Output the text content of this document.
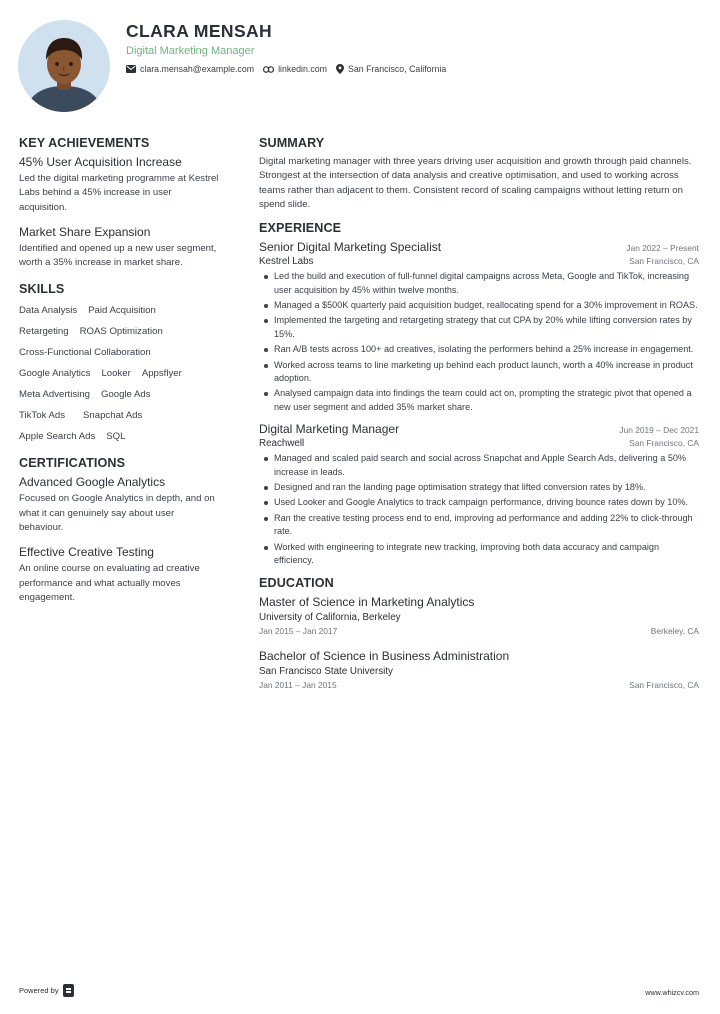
CLARA MENSAH
Digital Marketing Manager
clara.mensah@example.com	linkedin.com San Francisco, California
KEY ACHIEVEMENTS
45% User Acquisition Increase
Led the digital marketing programme at Kestrel Labs behind a 45% increase in user acquisition.
Market Share Expansion
Identified and opened up a new user segment, worth a 35% increase in market share.
SKILLS
Data Analysis Paid Acquisition
Retargeting ROAS Optimization
Cross-Functional Collaboration
Google Analytics Looker Appsflyer
Meta Advertising Google Ads
TikTok Ads Snapchat Ads
Apple Search Ads SQL
CERTIFICATIONS
Advanced Google Analytics
Focused on Google Analytics in depth, and on what it can genuinely say about user behaviour.
Effective Creative Testing
An online course on evaluating ad creative performance and what actually moves engagement.
SUMMARY
Digital marketing manager with three years driving user acquisition and growth through paid channels. Strongest at the intersection of data analysis and creative optimisation, and used to working across teams rather than adjacent to them. Consistent record of scaling campaigns without letting return on spend slide.
EXPERIENCE
Senior Digital Marketing Specialist	Jan 2022 – Present
Kestrel Labs	San Francisco, CA
Led the build and execution of full-funnel digital campaigns across Meta, Google and TikTok, increasing user acquisition by 45% within twelve months.
Managed a $500K quarterly paid acquisition budget, reallocating spend for a 30% improvement in ROAS.
Implemented the targeting and retargeting strategy that cut CPA by 20% while lifting conversion rates by 15%.
Ran A/B tests across 100+ ad creatives, isolating the performers behind a 25% increase in engagement.
Worked across teams to line marketing up behind each product launch, worth a 40% increase in product adoption.
Analysed campaign data into findings the team could act on, prompting the strategic pivot that opened a new user segment and added 35% market share.
Digital Marketing Manager	Jun 2019 – Dec 2021
Reachwell	San Francisco, CA
Managed and scaled paid search and social across Snapchat and Apple Search Ads, delivering a 50% increase in leads.
Designed and ran the landing page optimisation strategy that lifted conversion rates by 18%.
Used Looker and Google Analytics to track campaign performance, driving bounce rates down by 10%.
Ran the creative testing process end to end, improving ad performance and adding 22% to click-through rate.
Worked with engineering to integrate new tracking, improving both data accuracy and campaign efficiency.
EDUCATION
Master of Science in Marketing Analytics
University of California, Berkeley
Jan 2015 – Jan 2017	Berkeley, CA
Bachelor of Science in Business Administration
San Francisco State University
Jan 2011 – Jan 2015	San Francisco, CA
Powered by	www.whizcv.com
